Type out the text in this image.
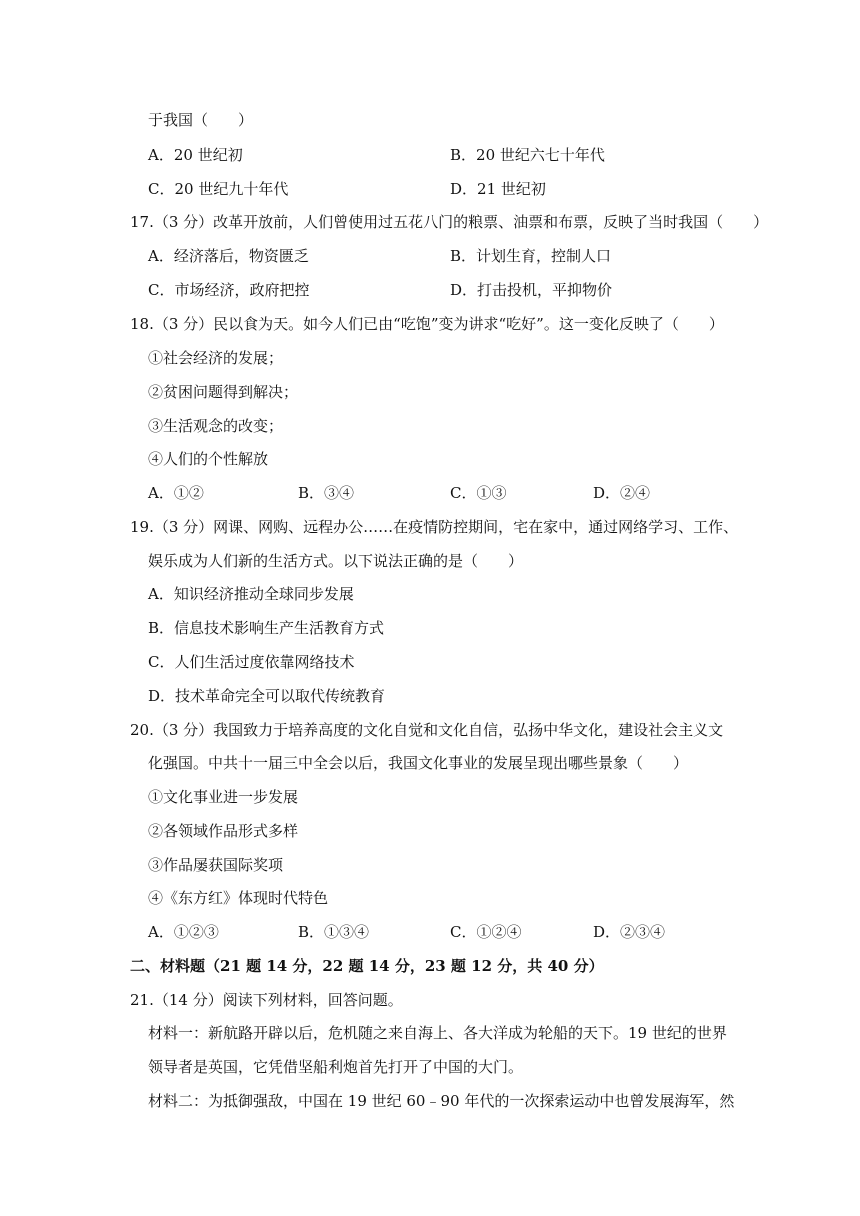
于我国（　　）
A．20 世纪初	B．20 世纪六七十年代
C．20 世纪九十年代	D．21 世纪初
17.（3 分）改革开放前，人们曾使用过五花八门的粮票、油票和布票，反映了当时我国（　　）
A．经济落后，物资匮乏	B．计划生育，控制人口
C．市场经济，政府把控	D．打击投机，平抑物价
18.（3 分）民以食为天。如今人们已由“吃饱”变为讲求“吃好”。这一变化反映了（　　）
①社会经济的发展；
②贫困问题得到解决；
③生活观念的改变；
④人们的个性解放
A．①②	B．③④	C．①③	D．②④
19.（3 分）网课、网购、远程办公……在疫情防控期间，宅在家中，通过网络学习、工作、
娱乐成为人们新的生活方式。以下说法正确的是（　　）
A．知识经济推动全球同步发展
B．信息技术影响生产生活教育方式
C．人们生活过度依靠网络技术
D．技术革命完全可以取代传统教育
20.（3 分）我国致力于培养高度的文化自觉和文化自信，弘扬中华文化，建设社会主义文
化强国。中共十一届三中全会以后，我国文化事业的发展呈现出哪些景象（　　）
①文化事业进一步发展
②各领域作品形式多样
③作品屡获国际奖项
④《东方红》体现时代特色
A．①②③	B．①③④	C．①②④	D．②③④
二、材料题（21 题 14 分，22 题 14 分，23 题 12 分，共 40 分）
21.（14 分）阅读下列材料，回答问题。
材料一：新航路开辟以后，危机随之来自海上、各大洋成为轮船的天下。19 世纪的世界
领导者是英国，它凭借坚船利炮首先打开了中国的大门。
材料二：为抵御强敌，中国在 19 世纪 60﹣90 年代的一次探索运动中也曾发展海军，然
